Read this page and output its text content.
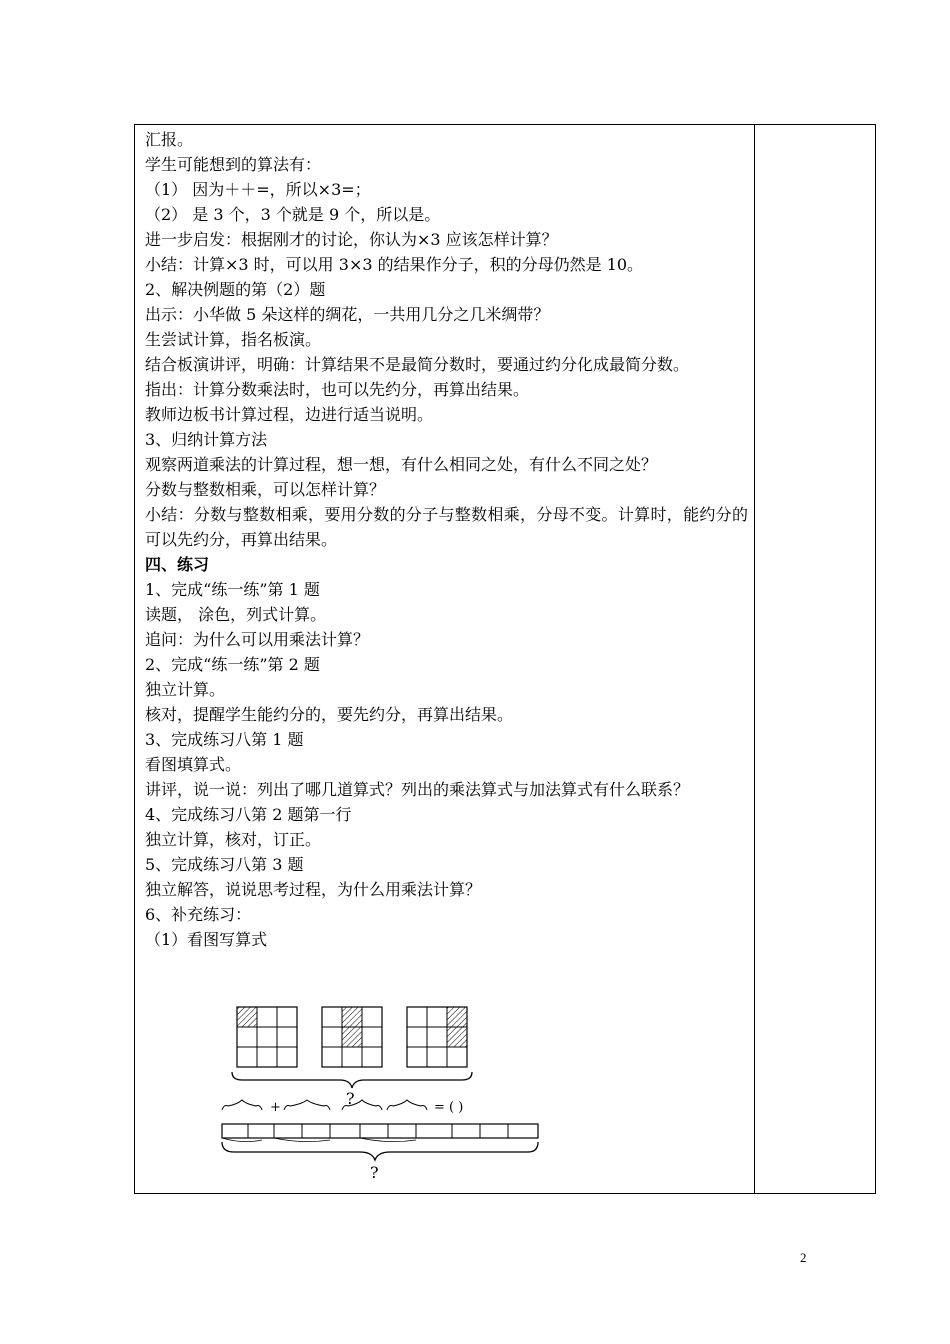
汇报。
学生可能想到的算法有：
（1） 因为＋＋=，所以×3=；
（2） 是 3 个，3 个就是 9 个，所以是。
进一步启发：根据刚才的讨论，你认为×3 应该怎样计算？
小结：计算×3 时，可以用 3×3 的结果作分子，积的分母仍然是 10。
2、解决例题的第（2）题
出示：小华做 5 朵这样的绸花，一共用几分之几米绸带？
生尝试计算，指名板演。
结合板演讲评，明确：计算结果不是最简分数时，要通过约分化成最简分数。
指出：计算分数乘法时，也可以先约分，再算出结果。
教师边板书计算过程，边进行适当说明。
3、归纳计算方法
观察两道乘法的计算过程，想一想，有什么相同之处，有什么不同之处？
分数与整数相乘，可以怎样计算？
小结：分数与整数相乘，要用分数的分子与整数相乘，分母不变。计算时，能约分的可以先约分，再算出结果。
四、练习
1、完成“练一练”第 1 题
读题， 涂色，列式计算。
追问：为什么可以用乘法计算？
2、完成“练一练”第 2 题
独立计算。
核对，提醒学生能约分的，要先约分，再算出结果。
3、完成练习八第 1 题
看图填算式。
讲评，说一说：列出了哪几道算式？列出的乘法算式与加法算式有什么联系？
4、完成练习八第 2 题第一行
独立计算，核对，订正。
5、完成练习八第 3 题
独立解答，说说思考过程，为什么用乘法计算？
6、补充练习：
（1）看图写算式
?
+	= ( )
?
2
